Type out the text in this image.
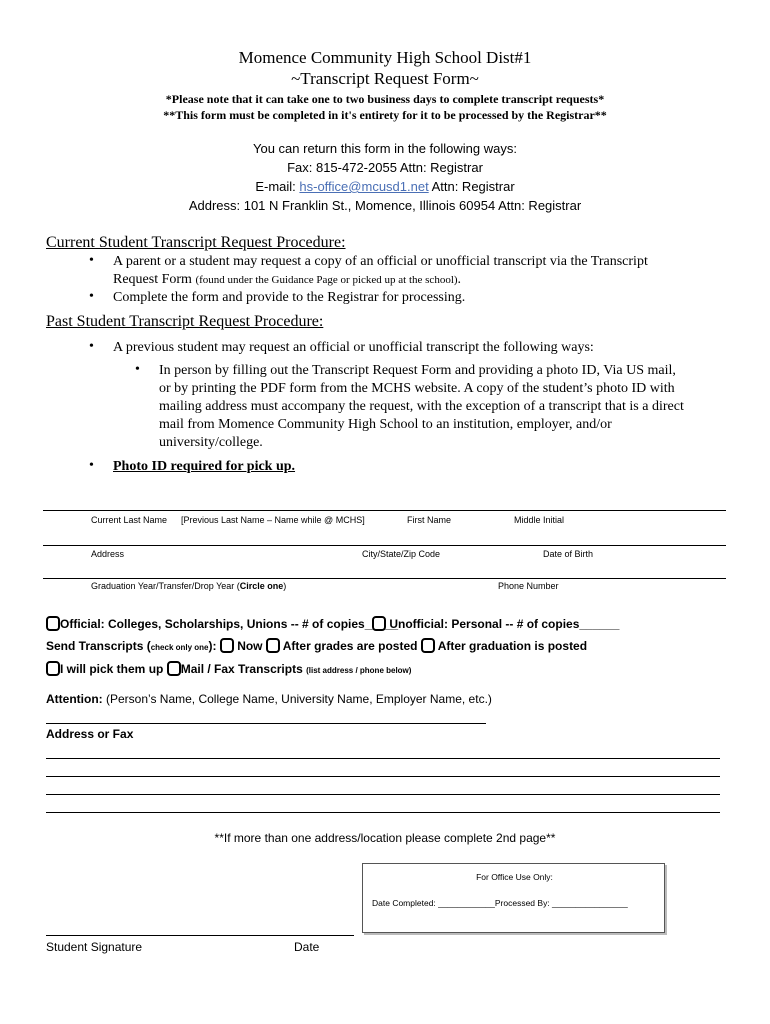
Momence Community High School Dist#1
~Transcript Request Form~
*Please note that it can take one to two business days to complete transcript requests*
**This form must be completed in it's entirety for it to be processed by the Registrar**
You can return this form in the following ways:
Fax: 815-472-2055 Attn: Registrar
E-mail: hs-office@mcusd1.net Attn: Registrar
Address: 101 N Franklin St., Momence, Illinois 60954 Attn: Registrar
Current Student Transcript Request Procedure:
• A parent or a student may request a copy of an official or unofficial transcript via the Transcript
Request Form (found under the Guidance Page or picked up at the school).
• Complete the form and provide to the Registrar for processing.
Past Student Transcript Request Procedure:
• A previous student may request an official or unofficial transcript the following ways:
• In person by filling out the Transcript Request Form and providing a photo ID, Via US mail,
or by printing the PDF form from the MCHS website. A copy of the student’s photo ID with
mailing address must accompany the request, with the exception of a transcript that is a direct
mail from Momence Community High School to an institution, employer, and/or
university/college.
• Photo ID required for pick up.
Current Last Name [Previous Last Name – Name while @ MCHS]	First Name	Middle Initial
Address	City/State/Zip Code	Date of Birth
Graduation Year/Transfer/Drop Year (Circle one)	Phone Number
Official: Colleges, Scholarships, Unions -- # of copies_____
Unofficial: Personal -- # of copies______
Send Transcripts (check only one): Now After grades are posted After graduation is posted
I will pick them up Mail / Fax Transcripts (list address / phone below)
Attention: (Person’s Name, College Name, University Name, Employer Name, etc.)
Address or Fax
**If more than one address/location please complete 2nd page**
For Office Use Only:
Date Completed: ____________Processed By: ________________
Student Signature	Date
